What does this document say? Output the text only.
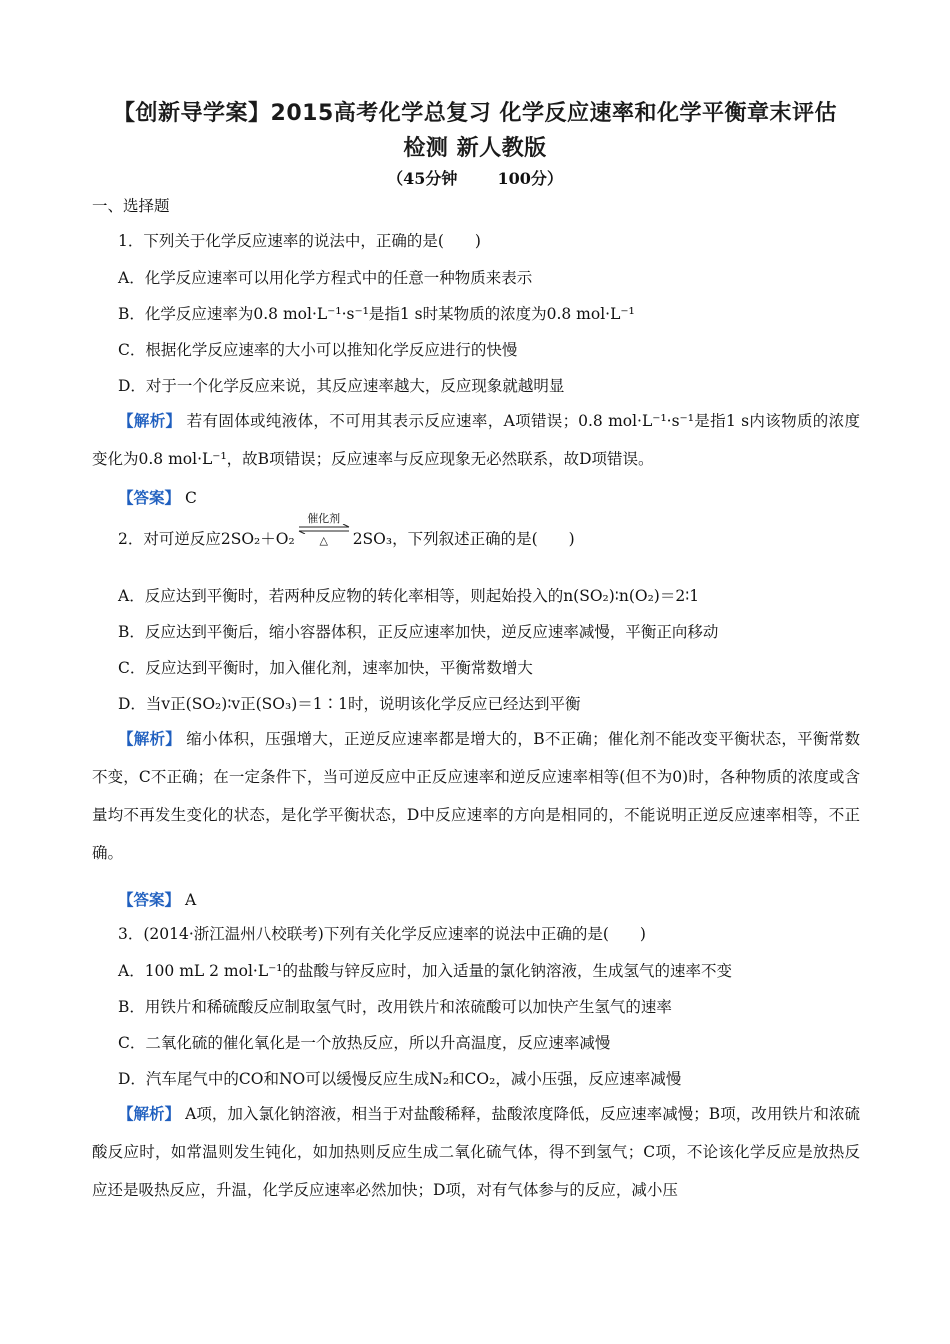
【创新导学案】2015高考化学总复习 化学反应速率和化学平衡章末评估
检测 新人教版
（45分钟	100分）
一、选择题
1．下列关于化学反应速率的说法中，正确的是(　　)
A．化学反应速率可以用化学方程式中的任意一种物质来表示
B．化学反应速率为0.8 mol·L⁻¹·s⁻¹是指1 s时某物质的浓度为0.8 mol·L⁻¹
C．根据化学反应速率的大小可以推知化学反应进行的快慢
D．对于一个化学反应来说，其反应速率越大，反应现象就越明显
【解析】 若有固体或纯液体，不可用其表示反应速率，A项错误；0.8 mol·L⁻¹·s⁻¹是指1 s内该物质的浓度变化为0.8 mol·L⁻¹，故B项错误；反应速率与反应现象无必然联系，故D项错误。
【答案】 C
2．对可逆反应2SO₂＋O₂
催化剂
△	2SO₃，下列叙述正确的是(　　)
A．反应达到平衡时，若两种反应物的转化率相等，则起始投入的n(SO₂)∶n(O₂)＝2∶1
B．反应达到平衡后，缩小容器体积，正反应速率加快，逆反应速率减慢，平衡正向移动
C．反应达到平衡时，加入催化剂，速率加快，平衡常数增大
D．当v正(SO₂)∶v正(SO₃)＝1∶1时，说明该化学反应已经达到平衡
【解析】 缩小体积，压强增大，正逆反应速率都是增大的，B不正确；催化剂不能改变平衡状态，平衡常数不变，C不正确；在一定条件下，当可逆反应中正反应速率和逆反应速率相等(但不为0)时，各种物质的浓度或含量均不再发生变化的状态，是化学平衡状态，D中反应速率的方向是相同的，不能说明正逆反应速率相等，不正确。
【答案】 A
3．(2014·浙江温州八校联考)下列有关化学反应速率的说法中正确的是(　　)
A．100 mL 2 mol·L⁻¹的盐酸与锌反应时，加入适量的氯化钠溶液，生成氢气的速率不变
B．用铁片和稀硫酸反应制取氢气时，改用铁片和浓硫酸可以加快产生氢气的速率
C．二氧化硫的催化氧化是一个放热反应，所以升高温度，反应速率减慢
D．汽车尾气中的CO和NO可以缓慢反应生成N₂和CO₂，减小压强，反应速率减慢
【解析】 A项，加入氯化钠溶液，相当于对盐酸稀释，盐酸浓度降低，反应速率减慢；B项，改用铁片和浓硫酸反应时，如常温则发生钝化，如加热则反应生成二氧化硫气体，得不到氢气；C项，不论该化学反应是放热反应还是吸热反应，升温，化学反应速率必然加快；D项，对有气体参与的反应，减小压
